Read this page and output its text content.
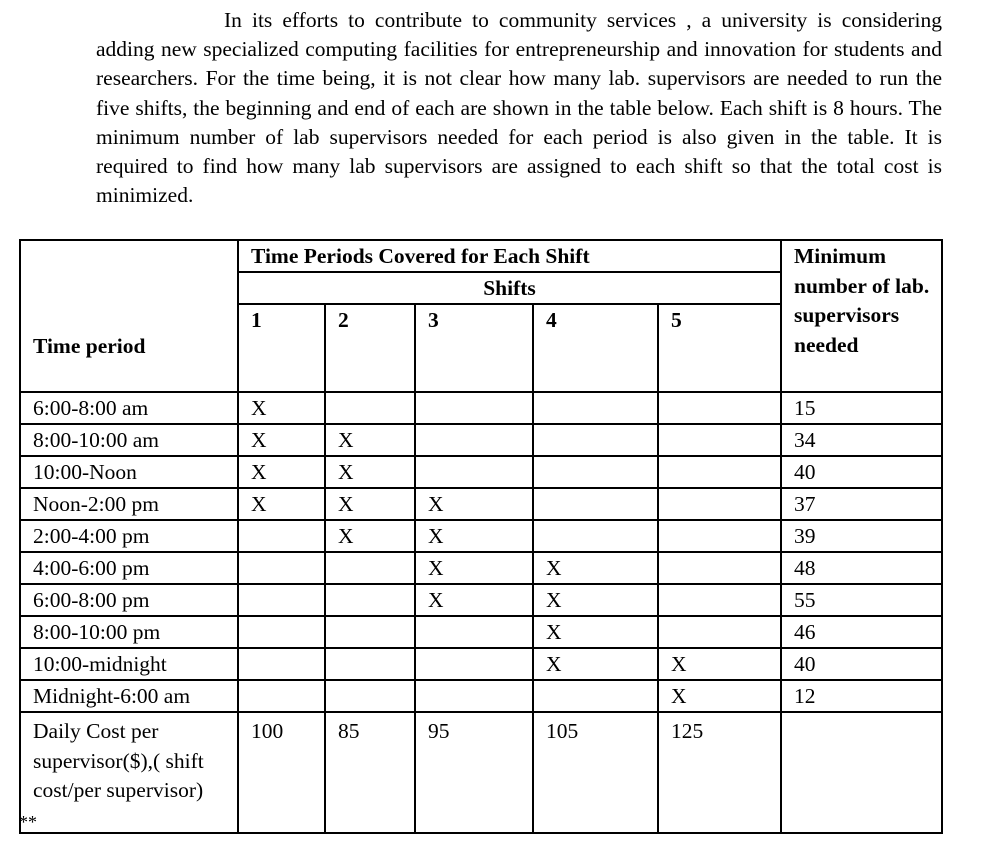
In its efforts to contribute to community services , a university is considering adding new specialized computing facilities for entrepreneurship and innovation for students and researchers. For the time being, it is not clear how many lab. supervisors are needed to run the five shifts, the beginning and end of each are shown in the table below. Each shift is 8 hours. The minimum number of lab supervisors needed for each period is also given in the table. It is required to find how many lab supervisors are assigned to each shift so that the total cost is minimized.
Time period	Time Periods Covered for Each Shift					Minimum number of lab. supervisors needed
	Shifts					
	1	2	3	4	5	

6:00-8:00 am	X					15
8:00-10:00 am	X	X				34
10:00-Noon	X	X				40
Noon-2:00 pm	X	X	X			37
2:00-4:00 pm		X	X			39
4:00-6:00 pm			X	X		48
6:00-8:00 pm			X	X		55
8:00-10:00 pm				X		46
10:00-midnight				X	X	40
Midnight-6:00 am					X	12
Daily Cost per supervisor($),( shift cost/per supervisor)	100	85	95	105	125	
**
